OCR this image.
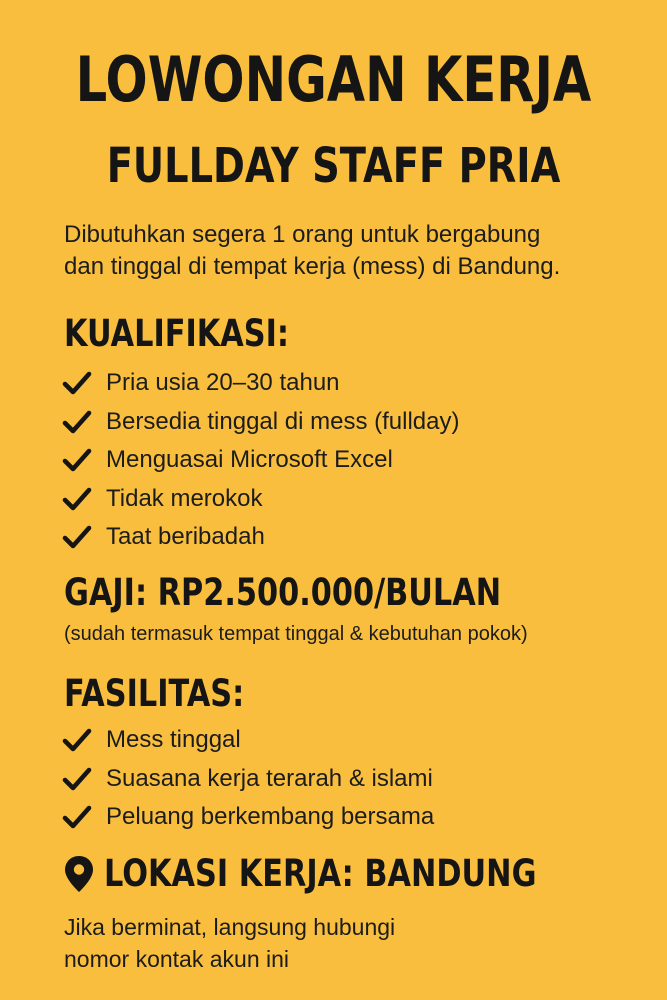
LOWONGAN KERJA
FULLDAY STAFF PRIA

Dibutuhkan segera 1 orang untuk bergabung

dan tinggal di tempat kerja (mess) di Bandung.

KUALIFIKASI:
Pria usia 20–30 tahun
Bersedia tinggal di mess (fullday)
Menguasai Microsoft Excel
Tidak merokok
Taat beribadah
GAJI: RP2.500.000/BULAN
(sudah termasuk tempat tinggal & kebutuhan pokok)
FASILITAS:
Mess tinggal
Suasana kerja terarah & islami
Peluang berkembang bersama
LOKASI KERJA: BANDUNG

Jika berminat, langsung hubungi

nomor kontak akun ini
